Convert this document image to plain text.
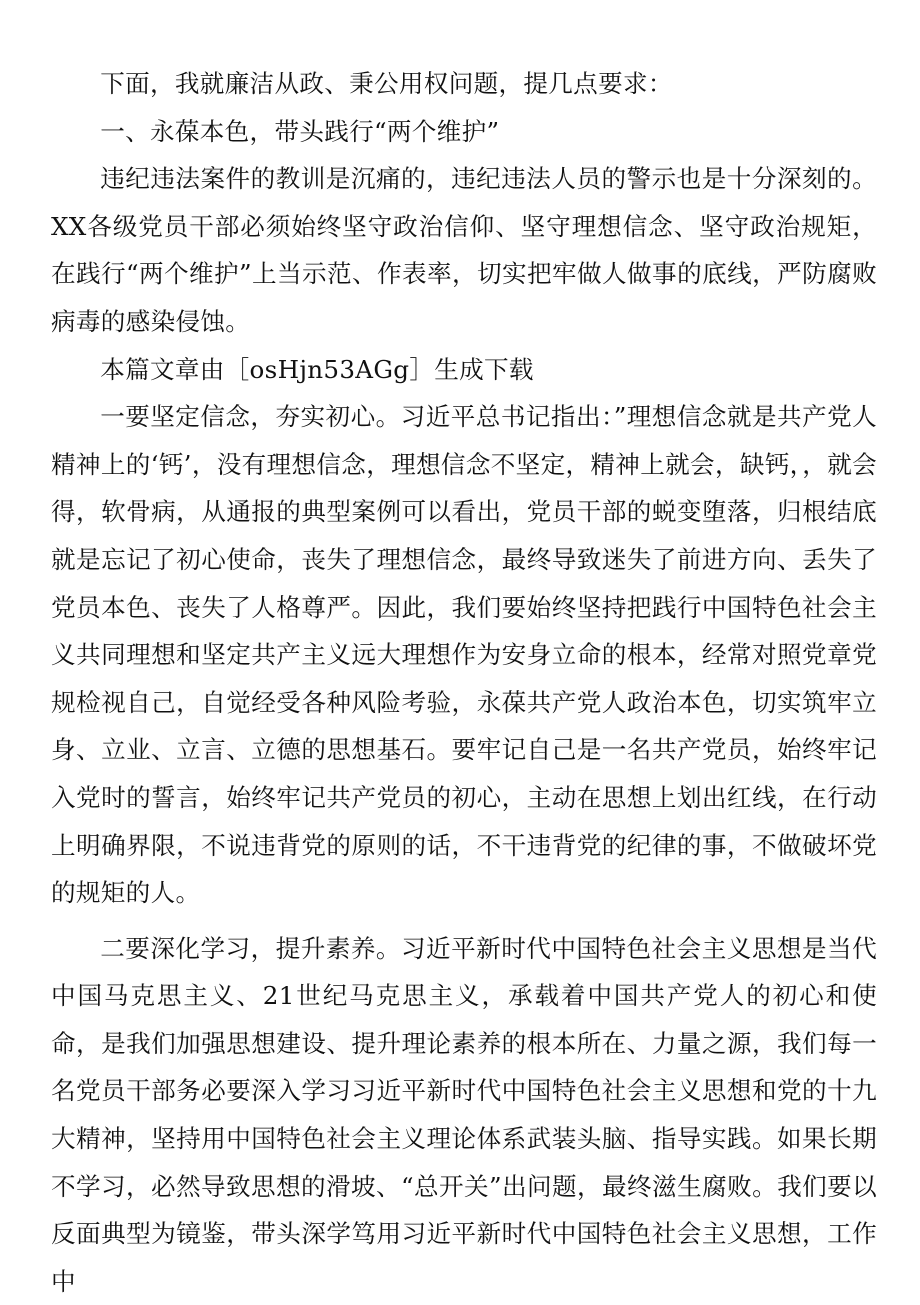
下面，我就廉洁从政、秉公用权问题，提几点要求：

一、永葆本色，带头践行“两个维护”

违纪违法案件的教训是沉痛的，违纪违法人员的警示也是十分深刻的。XX各级党员干部必须始终坚守政治信仰、坚守理想信念、坚守政治规矩，在践行“两个维护”上当示范、作表率，切实把牢做人做事的底线，严防腐败病毒的感染侵蚀。

本篇文章由［osHjn53AGg］生成下载

一要坚定信念，夯实初心。习近平总书记指出：”理想信念就是共产党人精神上的‘钙’，没有理想信念，理想信念不坚定，精神上就会，缺钙，，就会得，软骨病，从通报的典型案例可以看出，党员干部的蜕变堕落，归根结底就是忘记了初心使命，丧失了理想信念，最终导致迷失了前进方向、丢失了党员本色、丧失了人格尊严。因此，我们要始终坚持把践行中国特色社会主义共同理想和坚定共产主义远大理想作为安身立命的根本，经常对照党章党规检视自己，自觉经受各种风险考验，永葆共产党人政治本色，切实筑牢立身、立业、立言、立德的思想基石。要牢记自己是一名共产党员，始终牢记入党时的誓言，始终牢记共产党员的初心，主动在思想上划出红线，在行动上明确界限，不说违背党的原则的话，不干违背党的纪律的事，不做破坏党的规矩的人。

二要深化学习，提升素养。习近平新时代中国特色社会主义思想是当代中国马克思主义、21世纪马克思主义，承载着中国共产党人的初心和使命，是我们加强思想建设、提升理论素养的根本所在、力量之源，我们每一名党员干部务必要深入学习习近平新时代中国特色社会主义思想和党的十九大精神，坚持用中国特色社会主义理论体系武装头脑、指导实践。如果长期不学习，必然导致思想的滑坡、“总开关”出问题，最终滋生腐败。我们要以反面典型为镜鉴，带头深学笃用习近平新时代中国特色社会主义思想，工作中
